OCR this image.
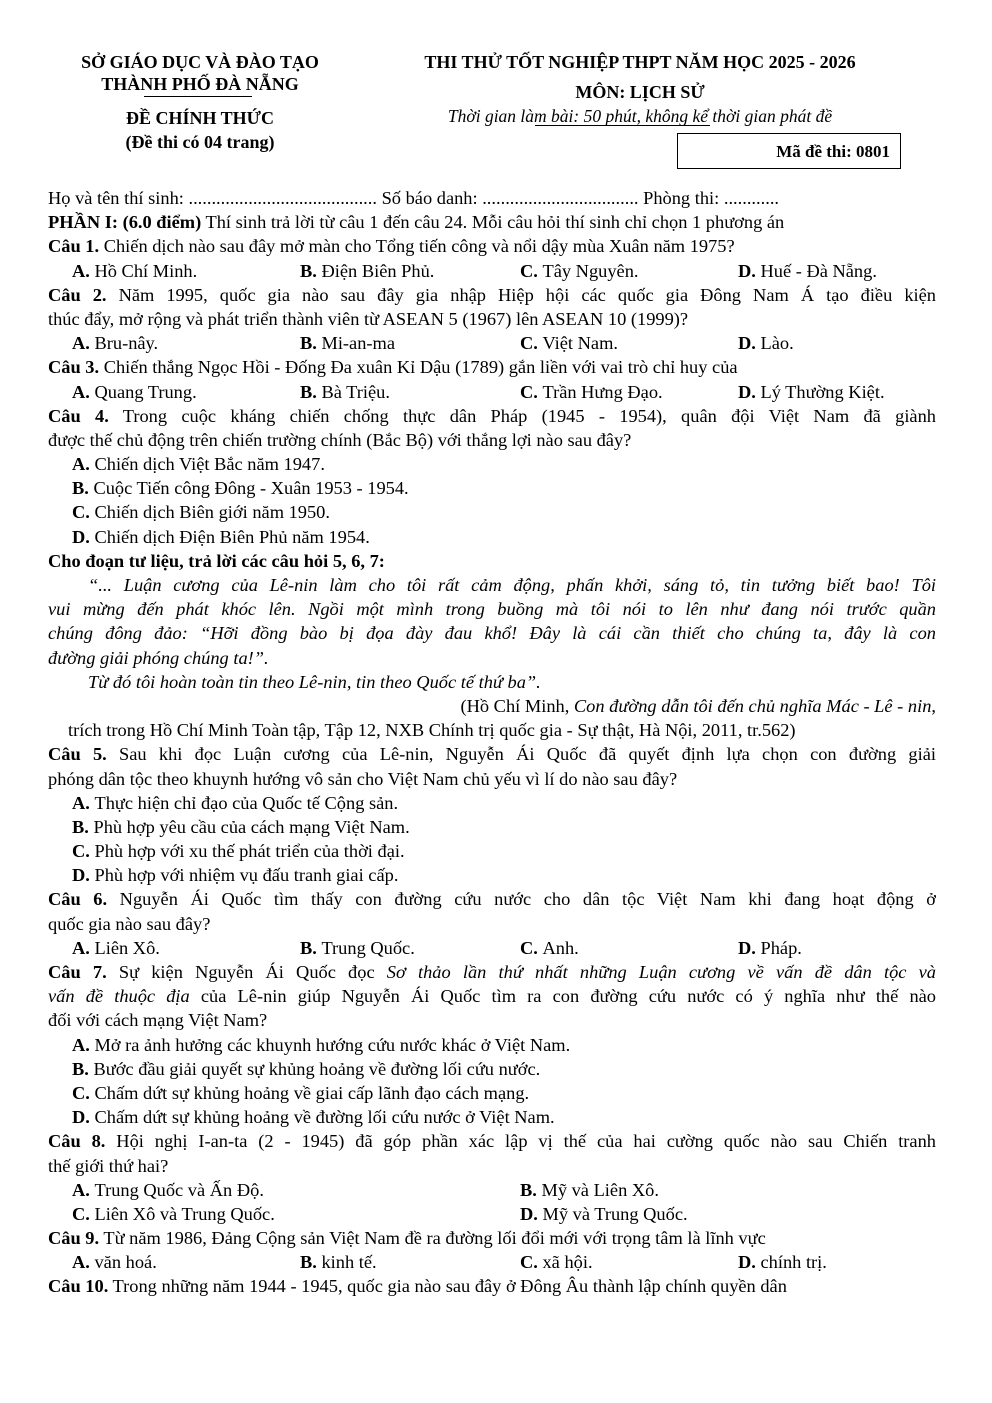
SỞ GIÁO DỤC VÀ ĐÀO TẠO
THÀNH PHỐ ĐÀ NẴNG
ĐỀ CHÍNH THỨC
(Đề thi có 04 trang)
THI THỬ TỐT NGHIỆP THPT NĂM HỌC 2025 - 2026
MÔN: LỊCH SỬ
Thời gian làm bài: 50 phút, không kể thời gian phát đề
Mã đề thi: 0801
Họ và tên thí sinh: ......................................... Số báo danh: .................................. Phòng thi: ............
PHẦN I: (6.0 điểm) Thí sinh trả lời từ câu 1 đến câu 24. Mỗi câu hỏi thí sinh chỉ chọn 1 phương án
Câu 1. Chiến dịch nào sau đây mở màn cho Tổng tiến công và nổi dậy mùa Xuân năm 1975?
A. Hồ Chí Minh.	B. Điện Biên Phủ.	C. Tây Nguyên.	D. Huế - Đà Nẵng.
Câu 2. Năm 1995, quốc gia nào sau đây gia nhập Hiệp hội các quốc gia Đông Nam Á tạo điều kiện
thúc đẩy, mở rộng và phát triển thành viên từ ASEAN 5 (1967) lên ASEAN 10 (1999)?
A. Bru-nây.	B. Mi-an-ma	C. Việt Nam.	D. Lào.
Câu 3. Chiến thắng Ngọc Hồi - Đống Đa xuân Kỉ Dậu (1789) gắn liền với vai trò chỉ huy của
A. Quang Trung.	B. Bà Triệu.	C. Trần Hưng Đạo.	D. Lý Thường Kiệt.
Câu 4. Trong cuộc kháng chiến chống thực dân Pháp (1945 - 1954), quân đội Việt Nam đã giành
được thế chủ động trên chiến trường chính (Bắc Bộ) với thắng lợi nào sau đây?
A. Chiến dịch Việt Bắc năm 1947.
B. Cuộc Tiến công Đông - Xuân 1953 - 1954.
C. Chiến dịch Biên giới năm 1950.
D. Chiến dịch Điện Biên Phủ năm 1954.
Cho đoạn tư liệu, trả lời các câu hỏi 5, 6, 7:
“... Luận cương của Lê-nin làm cho tôi rất cảm động, phấn khởi, sáng tỏ, tin tưởng biết bao! Tôi
vui mừng đến phát khóc lên. Ngồi một mình trong buồng mà tôi nói to lên như đang nói trước quần
chúng đông đảo: “Hỡi đồng bào bị đọa đày đau khổ! Đây là cái cần thiết cho chúng ta, đây là con
đường giải phóng chúng ta!”.
Từ đó tôi hoàn toàn tin theo Lê-nin, tin theo Quốc tế thứ ba”.
(Hồ Chí Minh, Con đường dẫn tôi đến chủ nghĩa Mác - Lê - nin,
trích trong Hồ Chí Minh Toàn tập, Tập 12, NXB Chính trị quốc gia - Sự thật, Hà Nội, 2011, tr.562)
Câu 5. Sau khi đọc Luận cương của Lê-nin, Nguyễn Ái Quốc đã quyết định lựa chọn con đường giải
phóng dân tộc theo khuynh hướng vô sản cho Việt Nam chủ yếu vì lí do nào sau đây?
A. Thực hiện chỉ đạo của Quốc tế Cộng sản.
B. Phù hợp yêu cầu của cách mạng Việt Nam.
C. Phù hợp với xu thế phát triển của thời đại.
D. Phù hợp với nhiệm vụ đấu tranh giai cấp.
Câu 6. Nguyễn Ái Quốc tìm thấy con đường cứu nước cho dân tộc Việt Nam khi đang hoạt động ở
quốc gia nào sau đây?
A. Liên Xô.	B. Trung Quốc.	C. Anh.	D. Pháp.
Câu 7. Sự kiện Nguyễn Ái Quốc đọc Sơ thảo lần thứ nhất những Luận cương về vấn đề dân tộc và
vấn đề thuộc địa của Lê-nin giúp Nguyễn Ái Quốc tìm ra con đường cứu nước có ý nghĩa như thế nào
đối với cách mạng Việt Nam?
A. Mở ra ảnh hưởng các khuynh hướng cứu nước khác ở Việt Nam.
B. Bước đầu giải quyết sự khủng hoảng về đường lối cứu nước.
C. Chấm dứt sự khủng hoảng về giai cấp lãnh đạo cách mạng.
D. Chấm dứt sự khủng hoảng về đường lối cứu nước ở Việt Nam.
Câu 8. Hội nghị I-an-ta (2 - 1945) đã góp phần xác lập vị thế của hai cường quốc nào sau Chiến tranh
thế giới thứ hai?
A. Trung Quốc và Ấn Độ.	B. Mỹ và Liên Xô.
C. Liên Xô và Trung Quốc.	D. Mỹ và Trung Quốc.
Câu 9. Từ năm 1986, Đảng Cộng sản Việt Nam đề ra đường lối đổi mới với trọng tâm là lĩnh vực
A. văn hoá.	B. kinh tế.	C. xã hội.	D. chính trị.
Câu 10. Trong những năm 1944 - 1945, quốc gia nào sau đây ở Đông Âu thành lập chính quyền dân
